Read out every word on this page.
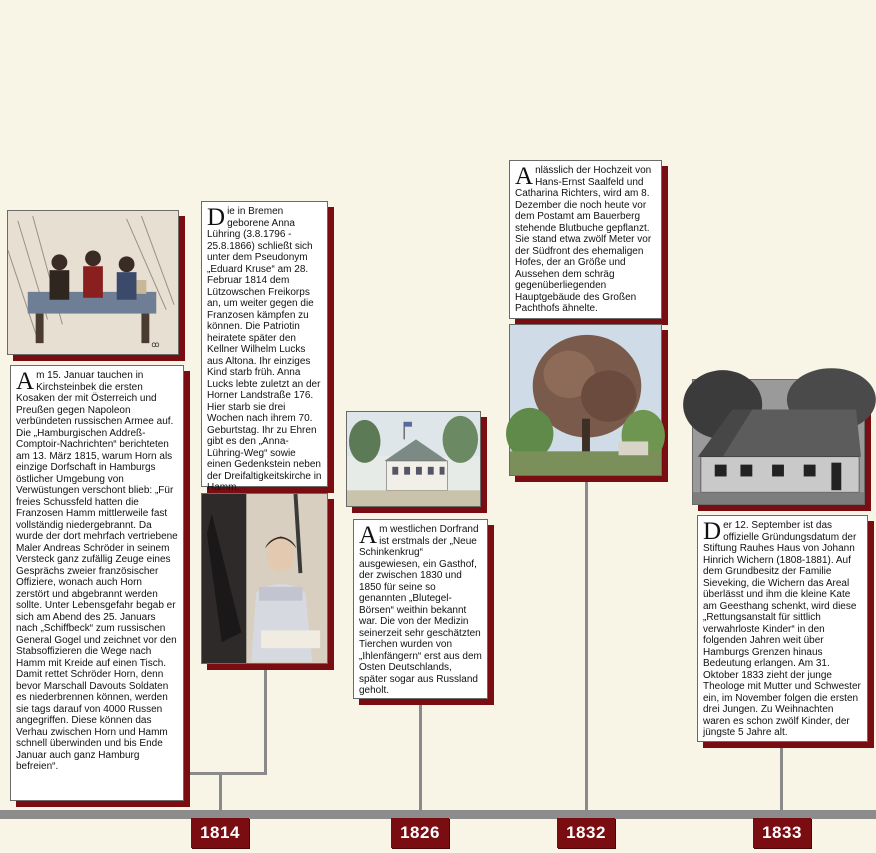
1814	1826	1832	1833
ꝏ
A m 15. Januar tauchen in Kirchsteinbek die ersten Kosaken der mit Österreich und Preußen gegen Napoleon verbündeten russischen Armee auf. Die „Hamburgischen Addreß-Comptoir-Nachrichten“ berichteten am 13. März 1815, warum Horn als einzige Dorfschaft in Hamburgs östlicher Umgebung von Verwüstungen verschont blieb: „Für freies Schussfeld hatten die Franzosen Hamm mittlerweile fast vollständig niedergebrannt. Da wurde der dort mehrfach vertriebene Maler Andreas Schröder in seinem Versteck ganz zufällig Zeuge eines Gesprächs zweier französischer Offiziere, wonach auch Horn zerstört und abgebrannt werden sollte. Unter Lebensgefahr begab er sich am Abend des 25. Januars nach „Schiffbeck“ zum russischen General Gogel und zeichnet vor den Stabsoffizieren die Wege nach Hamm mit Kreide auf einen Tisch. Damit rettet Schröder Horn, denn bevor Marschall Davouts Soldaten es niederbrennen können, werden sie tags darauf von 4000 Russen angegriffen. Diese können das Verhau zwischen Horn und Hamm schnell überwinden und bis Ende Januar auch ganz Hamburg befreien“.
D ie in Bremen geborene Anna Lühring (3.8.1796 - 25.8.1866) schließt sich unter dem Pseudonym „Eduard Kruse“ am 28. Februar 1814 dem Lützowschen Freikorps an, um weiter gegen die Franzosen kämpfen zu können. Die Patriotin heiratete später den Kellner Wilhelm Lucks aus Altona. Ihr einziges Kind starb früh. Anna Lucks lebte zuletzt an der Horner Landstraße 176. Hier starb sie drei Wochen nach ihrem 70. Geburtstag. Ihr zu Ehren gibt es den „Anna-Lühring-Weg“ sowie einen Gedenkstein neben der Dreifaltigkeitskirche in Hamm.
A m westlichen Dorfrand ist erstmals der „Neue Schinkenkrug“ ausgewiesen, ein Gasthof, der zwischen 1830 und 1850 für seine so genannten „Blutegel-Börsen“ weithin bekannt war. Die von der Medizin seinerzeit sehr geschätzten Tierchen wurden von „Ihlenfängern“ erst aus dem Osten Deutschlands, später sogar aus Russland geholt.
A nlässlich der Hochzeit von Hans-Ernst Saalfeld und Catharina Richters, wird am 8. Dezember die noch heute vor dem Postamt am Bauerberg stehende Blutbuche gepflanzt. Sie stand etwa zwölf Meter vor der Südfront des ehemaligen Hofes, der an Größe und Aussehen dem schräg gegenüberliegenden Hauptgebäude des Großen Pachthofs ähnelte.
D er 12. September ist das offizielle Gründungsdatum der Stiftung Rauhes Haus von Johann Hinrich Wichern (1808-1881). Auf dem Grundbesitz der Familie Sieveking, die Wichern das Areal überlässt und ihm die kleine Kate am Geesthang schenkt, wird diese „Rettungsanstalt für sittlich verwahrloste Kinder“ in den folgenden Jahren weit über Hamburgs Grenzen hinaus Bedeutung erlangen. Am 31. Oktober 1833 zieht der junge Theologe mit Mutter und Schwester ein, im November folgen die ersten drei Jungen. Zu Weihnachten waren es schon zwölf Kinder, der jüngste 5 Jahre alt.
